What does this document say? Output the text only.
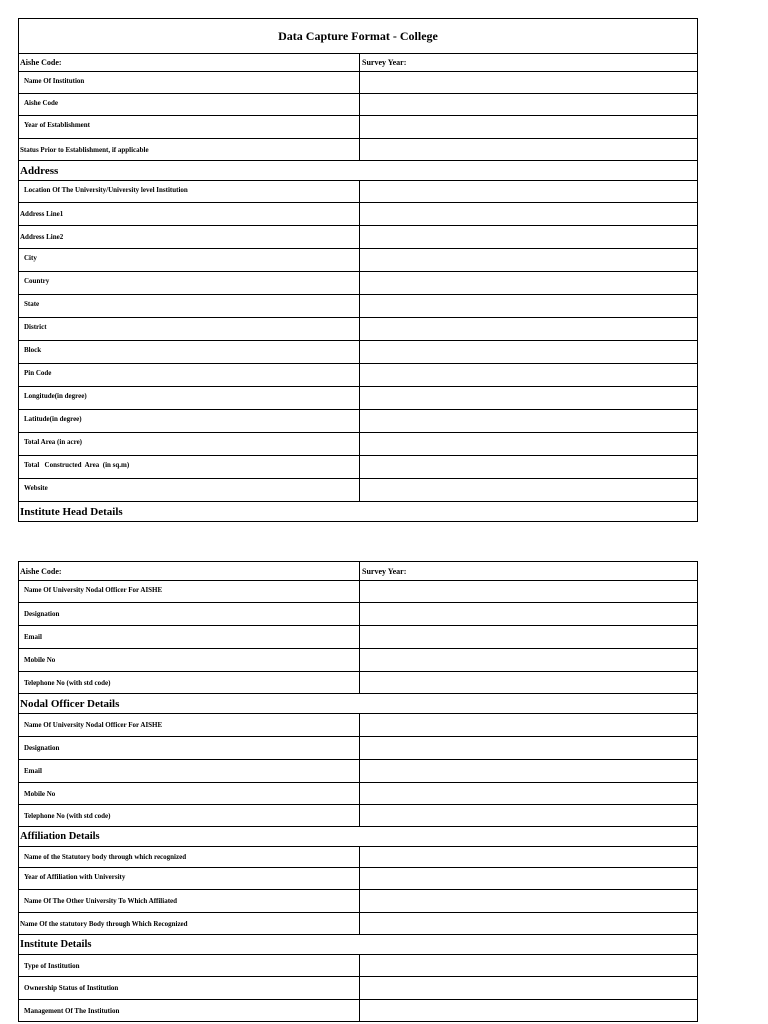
Data Capture Format - College
Aishe Code:	Survey Year:
Name Of Institution
Aishe Code
Year of Establishment
Status Prior to Establishment, if applicable
Address
Location Of The University/University level Institution
Address Line1
Address Line2
City
Country
State
District
Block
Pin Code
Longitude(in degree)
Latitude(in degree)
Total Area (in acre)
Total   Constructed  Area  (in sq.m)
Website
Institute Head Details
Aishe Code:	Survey Year:
Name Of University Nodal Officer For AISHE
Designation
Email
Mobile No
Telephone No (with std code)
Nodal Officer Details
Name Of University Nodal Officer For AISHE
Designation
Email
Mobile No
Telephone No (with std code)
Affiliation Details
Name of the Statutory body through which recognized
Year of Affiliation with University
Name Of The Other University To Which Affiliated
Name Of the statutory Body through Which Recognized
Institute Details
Type of Institution
Ownership Status of Institution
Management Of The Institution
